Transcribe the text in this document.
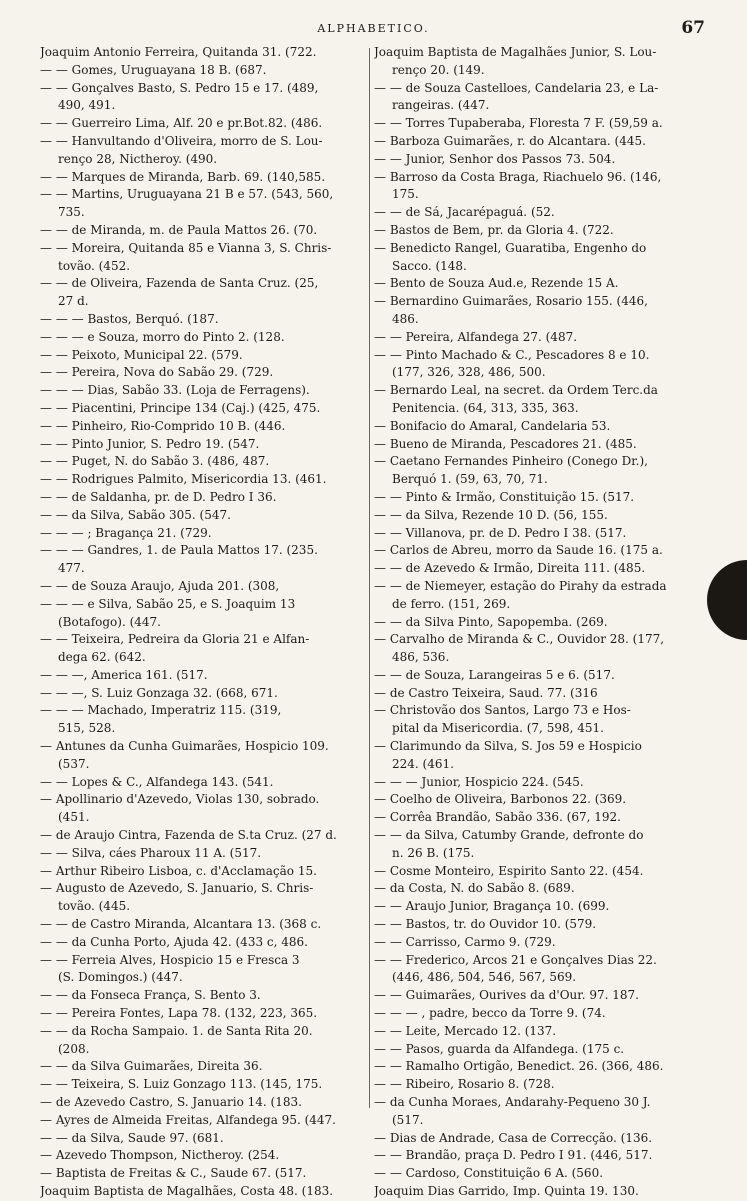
ALPHABETICO.	67
Joaquim Antonio Ferreira, Quitanda 31. (722.
— — Gomes, Uruguayana 18 B. (687.
— — Gonçalves Basto, S. Pedro 15 e 17. (489,
490, 491.
— — Guerreiro Lima, Alf. 20 e pr.Bot.82. (486.
— — Hanvultando d'Oliveira, morro de S. Lou-
renço 28, Nictheroy. (490.
— — Marques de Miranda, Barb. 69. (140,585.
— — Martins, Uruguayana 21 B e 57. (543, 560,
735.
— — de Miranda, m. de Paula Mattos 26. (70.
— — Moreira, Quitanda 85 e Vianna 3, S. Chris-
tovão. (452.
— — de Oliveira, Fazenda de Santa Cruz. (25,
27 d.
— — — Bastos, Berquó. (187.
— — — e Souza, morro do Pinto 2. (128.
— — Peixoto, Municipal 22. (579.
— — Pereira, Nova do Sabão 29. (729.
— — — Dias, Sabão 33. (Loja de Ferragens).
— — Piacentini, Principe 134 (Caj.) (425, 475.
— — Pinheiro, Rio-Comprido 10 B. (446.
— — Pinto Junior, S. Pedro 19. (547.
— — Puget, N. do Sabão 3. (486, 487.
— — Rodrigues Palmito, Misericordia 13. (461.
— — de Saldanha, pr. de D. Pedro I 36.
— — da Silva, Sabão 305. (547.
— — — ; Bragança 21. (729.
— — — Gandres, 1. de Paula Mattos 17. (235.
477.
— — de Souza Araujo, Ajuda 201. (308,
— — — e Silva, Sabão 25, e S. Joaquim 13
(Botafogo). (447.
— — Teixeira, Pedreira da Gloria 21 e Alfan-
dega 62. (642.
— — —, America 161. (517.
— — —, S. Luiz Gonzaga 32. (668, 671.
— — — Machado, Imperatriz 115. (319,
515, 528.
— Antunes da Cunha Guimarães, Hospicio 109.
(537.
— — Lopes & C., Alfandega 143. (541.
— Apollinario d'Azevedo, Violas 130, sobrado.
(451.
— de Araujo Cintra, Fazenda de S.ta Cruz. (27 d.
— — Silva, cáes Pharoux 11 A. (517.
— Arthur Ribeiro Lisboa, c. d'Acclamação 15.
— Augusto de Azevedo, S. Januario, S. Chris-
tovão. (445.
— — de Castro Miranda, Alcantara 13. (368 c.
— — da Cunha Porto, Ajuda 42. (433 c, 486.
— — Ferreia Alves, Hospicio 15 e Fresca 3
(S. Domingos.) (447.
— — da Fonseca França, S. Bento 3.
— — Pereira Fontes, Lapa 78. (132, 223, 365.
— — da Rocha Sampaio. 1. de Santa Rita 20.
(208.
— — da Silva Guimarães, Direita 36.
— — Teixeira, S. Luiz Gonzago 113. (145, 175.
— de Azevedo Castro, S. Januario 14. (183.
— Ayres de Almeida Freitas, Alfandega 95. (447.
— — da Silva, Saude 97. (681.
— Azevedo Thompson, Nictheroy. (254.
— Baptista de Freitas & C., Saude 67. (517.
Joaquim Baptista de Magalhães, Costa 48. (183.
Joaquim Baptista de Magalhães Junior, S. Lou-
renço 20. (149.
— — de Souza Castelloes, Candelaria 23, e La-
rangeiras. (447.
— — Torres Tupaberaba, Floresta 7 F. (59,59 a.
— Barboza Guimarães, r. do Alcantara. (445.
— — Junior, Senhor dos Passos 73. 504.
— Barroso da Costa Braga, Riachuelo 96. (146,
175.
— — de Sá, Jacarépaguá. (52.
— Bastos de Bem, pr. da Gloria 4. (722.
— Benedicto Rangel, Guaratiba, Engenho do
Sacco. (148.
— Bento de Souza Aud.e, Rezende 15 A.
— Bernardino Guimarães, Rosario 155. (446,
486.
— — Pereira, Alfandega 27. (487.
— — Pinto Machado & C., Pescadores 8 e 10.
(177, 326, 328, 486, 500.
— Bernardo Leal, na secret. da Ordem Terc.da
Penitencia. (64, 313, 335, 363.
— Bonifacio do Amaral, Candelaria 53.
— Bueno de Miranda, Pescadores 21. (485.
— Caetano Fernandes Pinheiro (Conego Dr.),
Berquó 1. (59, 63, 70, 71.
— — Pinto & Irmão, Constituição 15. (517.
— — da Silva, Rezende 10 D. (56, 155.
— — Villanova, pr. de D. Pedro I 38. (517.
— Carlos de Abreu, morro da Saude 16. (175 a.
— — de Azevedo & Irmão, Direita 111. (485.
— — de Niemeyer, estação do Pirahy da estrada
de ferro. (151, 269.
— — da Silva Pinto, Sapopemba. (269.
— Carvalho de Miranda & C., Ouvidor 28. (177,
486, 536.
— — de Souza, Larangeiras 5 e 6. (517.
— de Castro Teixeira, Saud. 77. (316
— Christovão dos Santos, Largo 73 e Hos-
pital da Misericordia. (7, 598, 451.
— Clarimundo da Silva, S. Jos 59 e Hospicio
224. (461.
— — — Junior, Hospicio 224. (545.
— Coelho de Oliveira, Barbonos 22. (369.
— Corrêa Brandão, Sabão 336. (67, 192.
— — da Silva, Catumby Grande, defronte do
n. 26 B. (175.
— Cosme Monteiro, Espirito Santo 22. (454.
— da Costa, N. do Sabão 8. (689.
— — Araujo Junior, Bragança 10. (699.
— — Bastos, tr. do Ouvidor 10. (579.
— — Carrisso, Carmo 9. (729.
— — Frederico, Arcos 21 e Gonçalves Dias 22.
(446, 486, 504, 546, 567, 569.
— — Guimarães, Ourives da d'Our. 97. 187.
— — — , padre, becco da Torre 9. (74.
— — Leite, Mercado 12. (137.
— — Pasos, guarda da Alfandega. (175 c.
— — Ramalho Ortigão, Benedict. 26. (366, 486.
— — Ribeiro, Rosario 8. (728.
— da Cunha Moraes, Andarahy-Pequeno 30 J.
(517.
— Dias de Andrade, Casa de Correcção. (136.
— — Brandão, praça D. Pedro I 91. (446, 517.
— — Cardoso, Constituição 6 A. (560.
Joaquim Dias Garrido, Imp. Quinta 19. 130.
